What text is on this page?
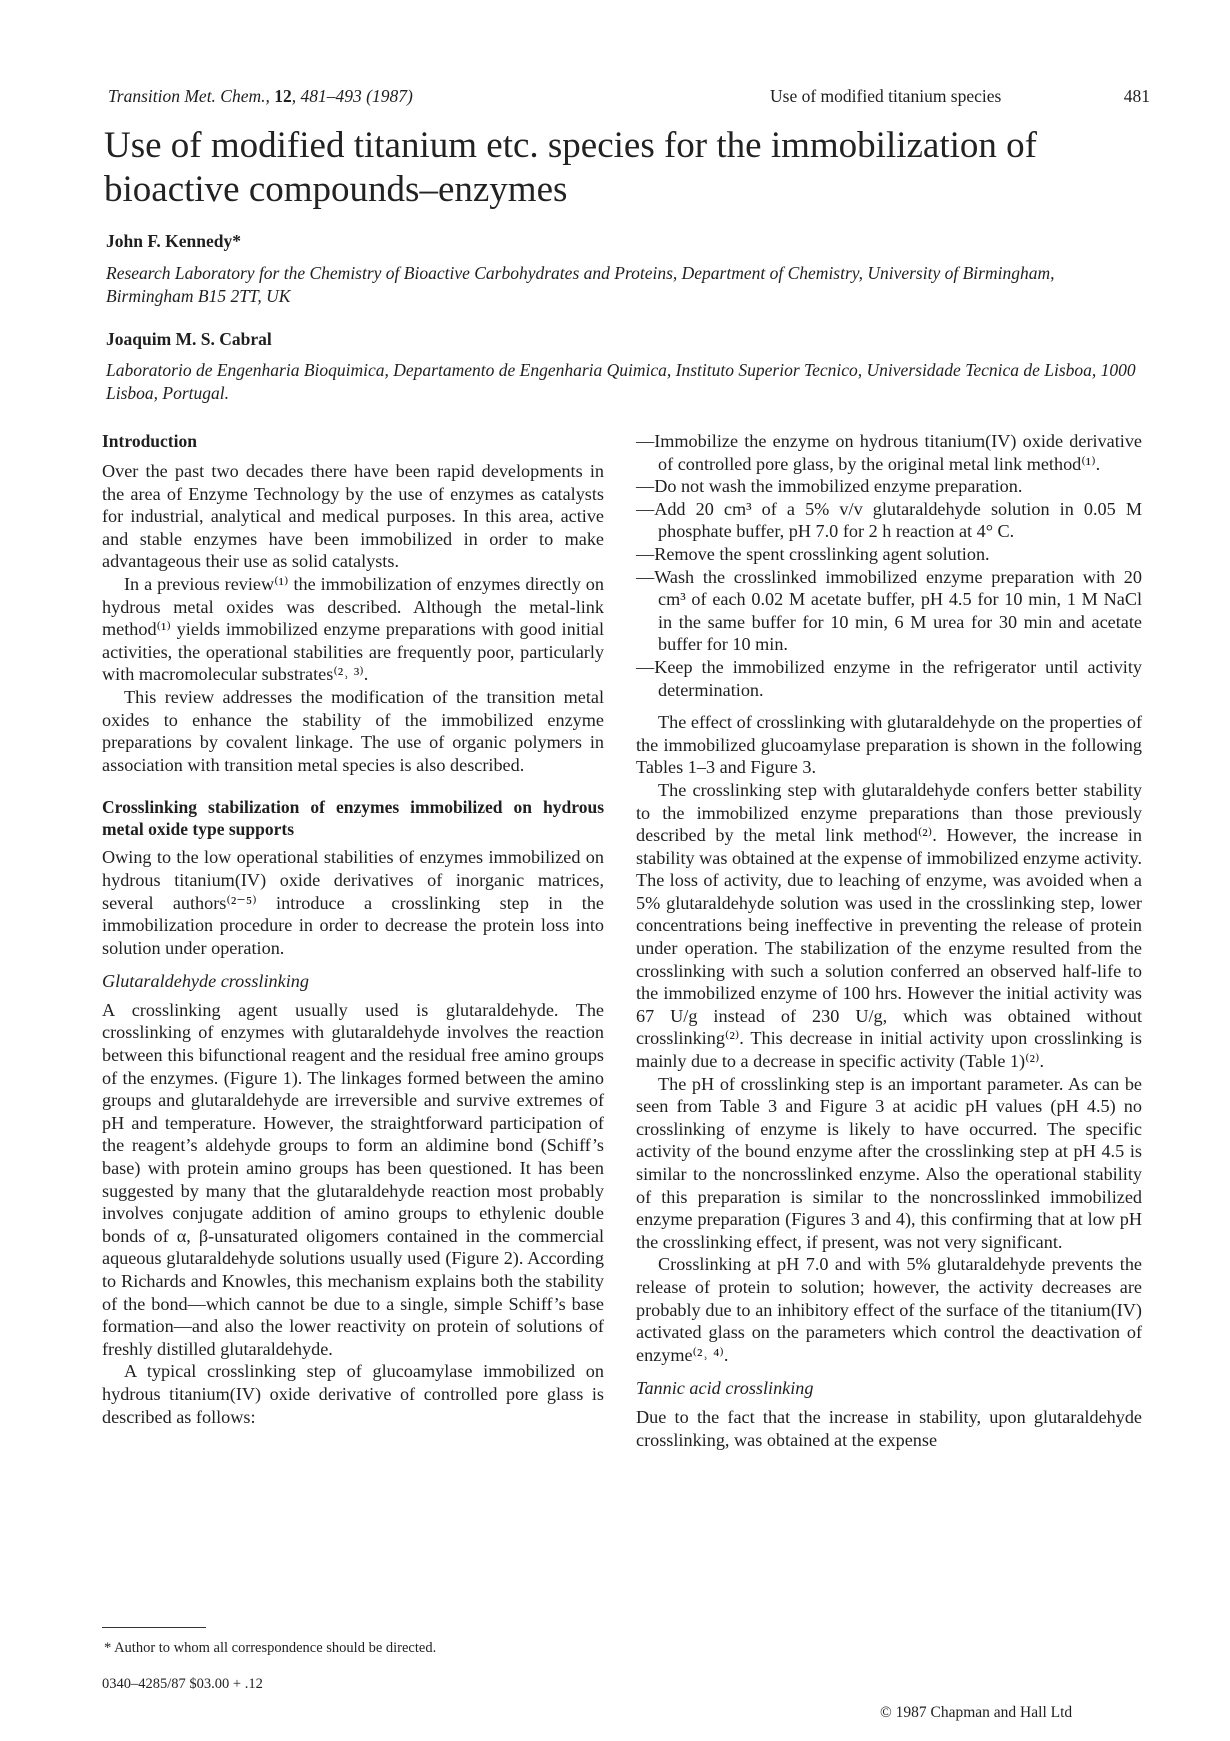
Transition Met. Chem., 12, 481–493 (1987)	Use of modified titanium species	481
Use of modified titanium etc. species for the immobilization of bioactive compounds–enzymes
John F. Kennedy*
Research Laboratory for the Chemistry of Bioactive Carbohydrates and Proteins, Department of Chemistry, University of Birmingham, Birmingham B15 2TT, UK
Joaquim M. S. Cabral
Laboratorio de Engenharia Bioquimica, Departamento de Engenharia Quimica, Instituto Superior Tecnico, Universidade Tecnica de Lisboa, 1000 Lisboa, Portugal.
Introduction

Over the past two decades there have been rapid developments in the area of Enzyme Technology by the use of enzymes as catalysts for industrial, analytical and medical purposes. In this area, active and stable enzymes have been immobilized in order to make advantageous their use as solid catalysts.

In a previous review⁽¹⁾ the immobilization of enzymes directly on hydrous metal oxides was described. Although the metal-link method⁽¹⁾ yields immobilized enzyme preparations with good initial activities, the operational stabilities are frequently poor, particularly with macromolecular substrates⁽²˒ ³⁾.

This review addresses the modification of the transition metal oxides to enhance the stability of the immobilized enzyme preparations by covalent linkage. The use of organic polymers in association with transition metal species is also described.

Crosslinking stabilization of enzymes immobilized on hydrous metal oxide type supports

Owing to the low operational stabilities of enzymes immobilized on hydrous titanium(IV) oxide derivatives of inorganic matrices, several authors⁽²⁻⁵⁾ introduce a crosslinking step in the immobilization procedure in order to decrease the protein loss into solution under operation.

Glutaraldehyde crosslinking

A crosslinking agent usually used is glutaraldehyde. The crosslinking of enzymes with glutaraldehyde involves the reaction between this bifunctional reagent and the residual free amino groups of the enzymes. (Figure 1). The linkages formed between the amino groups and glutaraldehyde are irreversible and survive extremes of pH and temperature. However, the straightforward participation of the reagent’s aldehyde groups to form an aldimine bond (Schiff’s base) with protein amino groups has been questioned. It has been suggested by many that the glutaraldehyde reaction most probably involves conjugate addition of amino groups to ethylenic double bonds of α, β-unsaturated oligomers contained in the commercial aqueous glutaraldehyde solutions usually used (Figure 2). According to Richards and Knowles, this mechanism explains both the stability of the bond—which cannot be due to a single, simple Schiff’s base formation—and also the lower reactivity on protein of solutions of freshly distilled glutaraldehyde.

A typical crosslinking step of glucoamylase immobilized on hydrous titanium(IV) oxide derivative of controlled pore glass is described as follows:

—Immobilize the enzyme on hydrous titanium(IV) oxide derivative of controlled pore glass, by the original metal link method⁽¹⁾.
—Do not wash the immobilized enzyme preparation.
—Add 20 cm³ of a 5% v/v glutaraldehyde solution in 0.05 M phosphate buffer, pH 7.0 for 2 h reaction at 4° C.
—Remove the spent crosslinking agent solution.
—Wash the crosslinked immobilized enzyme preparation with 20 cm³ of each 0.02 M acetate buffer, pH 4.5 for 10 min, 1 M NaCl in the same buffer for 10 min, 6 M urea for 30 min and acetate buffer for 10 min.
—Keep the immobilized enzyme in the refrigerator until activity determination.

The effect of crosslinking with glutaraldehyde on the properties of the immobilized glucoamylase preparation is shown in the following Tables 1–3 and Figure 3.

The crosslinking step with glutaraldehyde confers better stability to the immobilized enzyme preparations than those previously described by the metal link method⁽²⁾. However, the increase in stability was obtained at the expense of immobilized enzyme activity. The loss of activity, due to leaching of enzyme, was avoided when a 5% glutaraldehyde solution was used in the crosslinking step, lower concentrations being ineffective in preventing the release of protein under operation. The stabilization of the enzyme resulted from the crosslinking with such a solution conferred an observed half-life to the immobilized enzyme of 100 hrs. However the initial activity was 67 U/g instead of 230 U/g, which was obtained without crosslinking⁽²⁾. This decrease in initial activity upon crosslinking is mainly due to a decrease in specific activity (Table 1)⁽²⁾.

The pH of crosslinking step is an important parameter. As can be seen from Table 3 and Figure 3 at acidic pH values (pH 4.5) no crosslinking of enzyme is likely to have occurred. The specific activity of the bound enzyme after the crosslinking step at pH 4.5 is similar to the noncrosslinked enzyme. Also the operational stability of this preparation is similar to the noncrosslinked immobilized enzyme preparation (Figures 3 and 4), this confirming that at low pH the crosslinking effect, if present, was not very significant.

Crosslinking at pH 7.0 and with 5% glutaraldehyde prevents the release of protein to solution; however, the activity decreases are probably due to an inhibitory effect of the surface of the titanium(IV) activated glass on the parameters which control the deactivation of enzyme⁽²˒ ⁴⁾.

Tannic acid crosslinking

Due to the fact that the increase in stability, upon glutaraldehyde crosslinking, was obtained at the expense

* Author to whom all correspondence should be directed.
0340–4285/87 $03.00 + .12
© 1987 Chapman and Hall Ltd
